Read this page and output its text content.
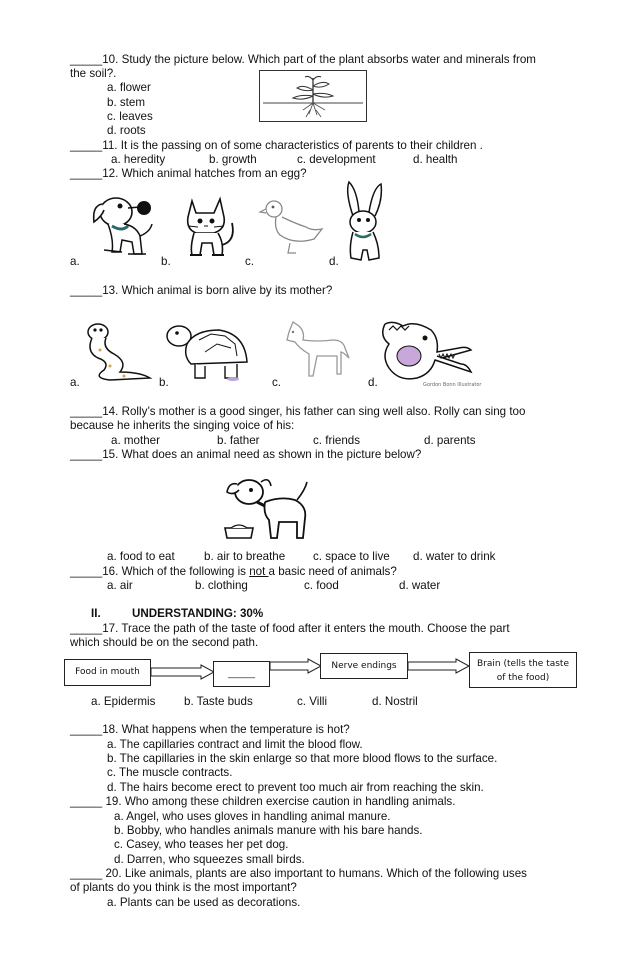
_____10. Study the picture below. Which part of the plant absorbs water and minerals from
the soil?.
a. flower
b. stem
c. leaves
d. roots
_____11. It is the passing on of some characteristics of parents to their children .
a. heredity	b. growth	c. development	d. health
_____12. Which animal hatches from an egg?
a.	b.	c.	d.
_____13. Which animal is born alive by its mother?
Gordon Bonn Illustrator
a.	b.	c.	d.
_____14. Rolly’s mother is a good singer, his father can sing well also. Rolly can sing too
because he inherits the singing voice of his:
a. mother	b. father	c. friends	d. parents
_____15. What does an animal need as shown in the picture below?
a. food to eat	b. air to breathe c. space to live d. water to drink
_____16. Which of the following is not a basic need of animals?
a. air	b. clothing	c. food	d. water
II.	UNDERSTANDING: 30%
_____17. Trace the path of the taste of food after it enters the mouth. Choose the part
which should be on the second path.
Food in mouth	______
Nerve endings	Brain (tells the taste
of the food)
a. Epidermis b. Taste buds	c. Villi	d. Nostril
_____18. What happens when the temperature is hot?
a. The capillaries contract and limit the blood flow.
b. The capillaries in the skin enlarge so that more blood flows to the surface.
c. The muscle contracts.
d. The hairs become erect to prevent too much air from reaching the skin.
_____ 19. Who among these children exercise caution in handling animals.
a. Angel, who uses gloves in handling animal manure.
b. Bobby, who handles animals manure with his bare hands.
c. Casey, who teases her pet dog.
d. Darren, who squeezes small birds.
_____ 20. Like animals, plants are also important to humans. Which of the following uses
of plants do you think is the most important?
a. Plants can be used as decorations.
